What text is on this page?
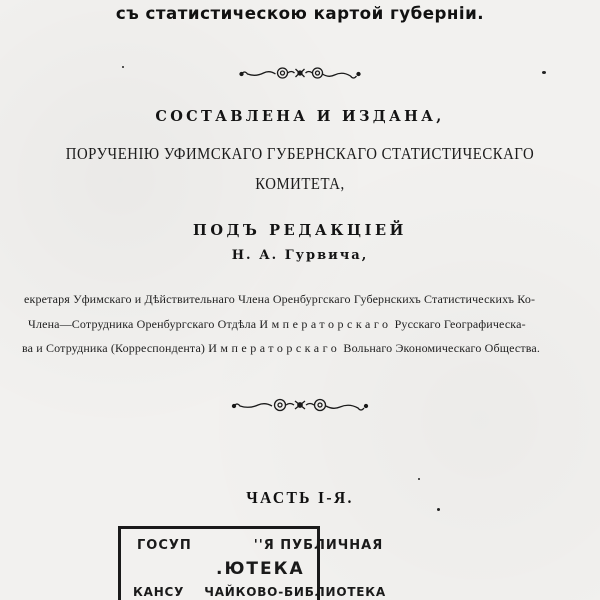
съ статистическою картой губерніи.
СОСТАВЛЕНА И ИЗДАНА,
ПОРУЧЕНІЮ УФИМСКАГО ГУБЕРНСКАГО СТАТИСТИЧЕСКАГО
КОМИТЕТА,
ПОДЪ РЕДАКЦІЕЙ
Н. А. Гурвича,
екретаря Уфимскаго и Дѣйствительнаго Члена Оренбургскаго Губернскихъ Статистическихъ Ко-
Члена—Сотрудника Оренбургскаго Отдѣла Императорскаго Русскаго Географическа-
ва и Сотрудника (Корреспондента) Императорскаго Вольнаго Экономическаго Общества.
ЧАСТЬ I-Я.
ГОСУП	''Я ПУБЛИЧНАЯ
.ЮТЕКА
КАНСУ ЧАЙКОВО-БИБЛИОТЕКА
